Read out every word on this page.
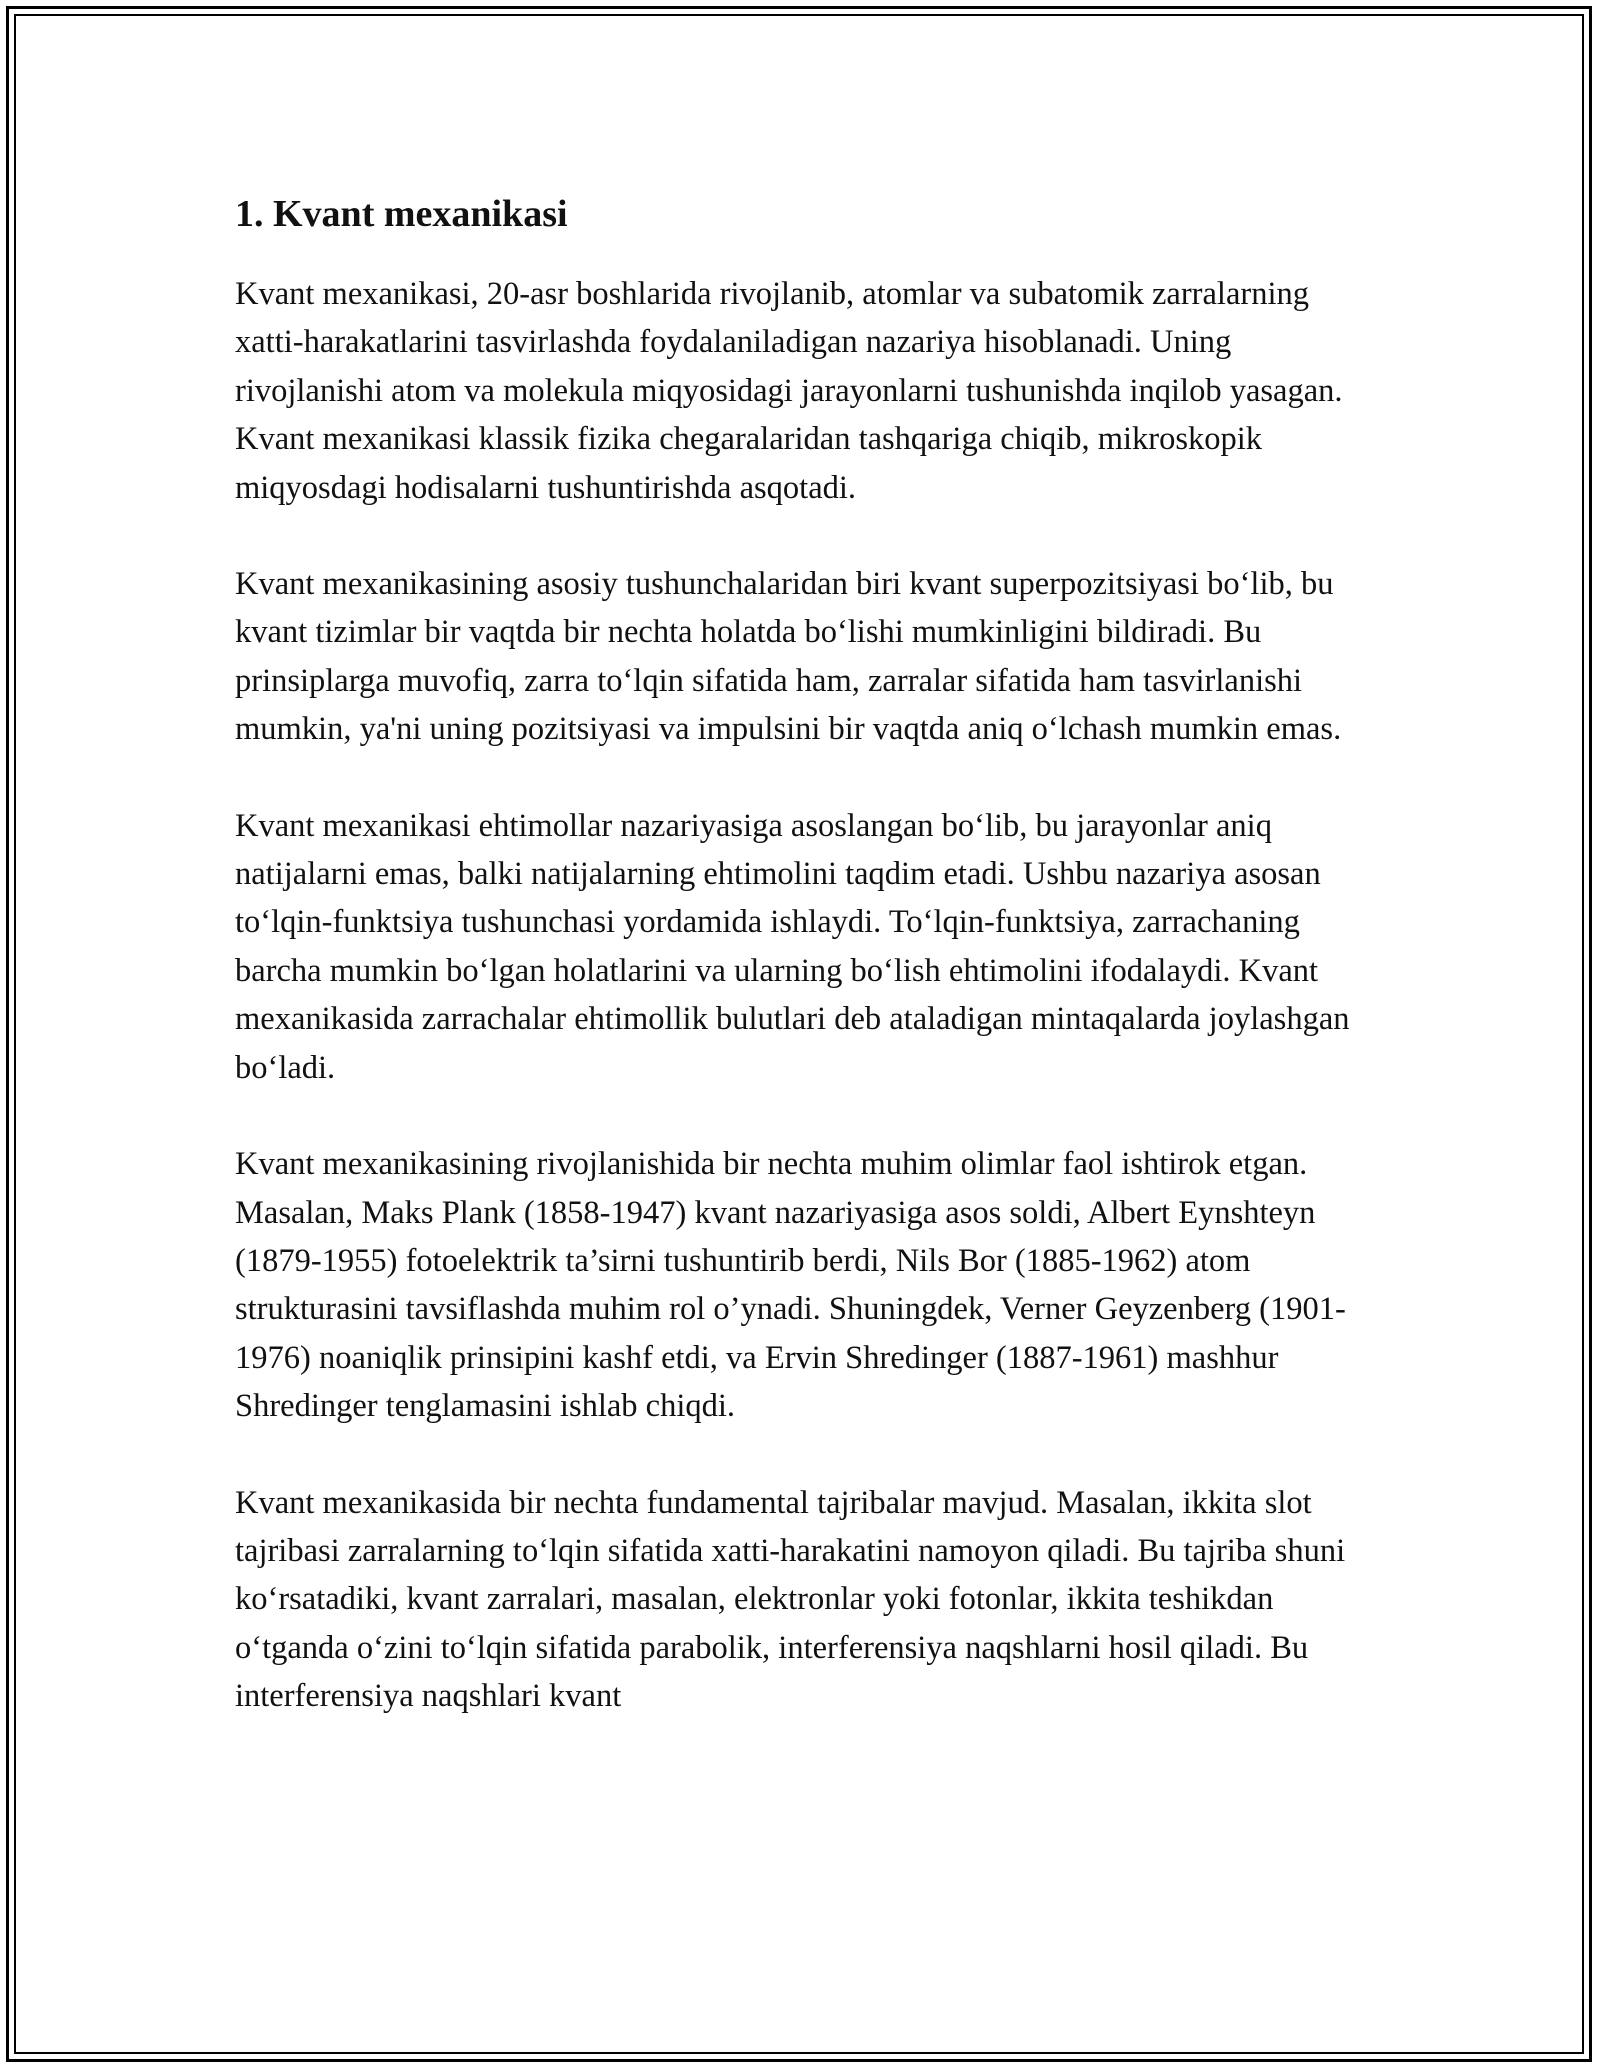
1. Kvant mexanikasi

Kvant mexanikasi, 20-asr boshlarida rivojlanib, atomlar va subatomik zarralarning xatti-harakatlarini tasvirlashda foydalaniladigan nazariya hisoblanadi. Uning rivojlanishi atom va molekula miqyosidagi jarayonlarni tushunishda inqilob yasagan. Kvant mexanikasi klassik fizika chegaralaridan tashqariga chiqib, mikroskopik miqyosdagi hodisalarni tushuntirishda asqotadi.

Kvant mexanikasining asosiy tushunchalaridan biri kvant superpozitsiyasi bo‘lib, bu kvant tizimlar bir vaqtda bir nechta holatda bo‘lishi mumkinligini bildiradi. Bu prinsiplarga muvofiq, zarra to‘lqin sifatida ham, zarralar sifatida ham tasvirlanishi mumkin, ya'ni uning pozitsiyasi va impulsini bir vaqtda aniq o‘lchash mumkin emas.

Kvant mexanikasi ehtimollar nazariyasiga asoslangan bo‘lib, bu jarayonlar aniq natijalarni emas, balki natijalarning ehtimolini taqdim etadi. Ushbu nazariya asosan to‘lqin-funktsiya tushunchasi yordamida ishlaydi. To‘lqin-funktsiya, zarrachaning barcha mumkin bo‘lgan holatlarini va ularning bo‘lish ehtimolini ifodalaydi. Kvant mexanikasida zarrachalar ehtimollik bulutlari deb ataladigan mintaqalarda joylashgan bo‘ladi.

Kvant mexanikasining rivojlanishida bir nechta muhim olimlar faol ishtirok etgan. Masalan, Maks Plank (1858-1947) kvant nazariyasiga asos soldi, Albert Eynshteyn (1879-1955) fotoelektrik ta’sirni tushuntirib berdi, Nils Bor (1885-1962) atom strukturasini tavsiflashda muhim rol o’ynadi. Shuningdek, Verner Geyzenberg (1901-1976) noaniqlik prinsipini kashf etdi, va Ervin Shredinger (1887-1961) mashhur Shredinger tenglamasini ishlab chiqdi.

Kvant mexanikasida bir nechta fundamental tajribalar mavjud. Masalan, ikkita slot tajribasi zarralarning to‘lqin sifatida xatti-harakatini namoyon qiladi. Bu tajriba shuni ko‘rsatadiki, kvant zarralari, masalan, elektronlar yoki fotonlar, ikkita teshikdan o‘tganda o‘zini to‘lqin sifatida parabolik, interferensiya naqshlarni hosil qiladi. Bu interferensiya naqshlari kvant
